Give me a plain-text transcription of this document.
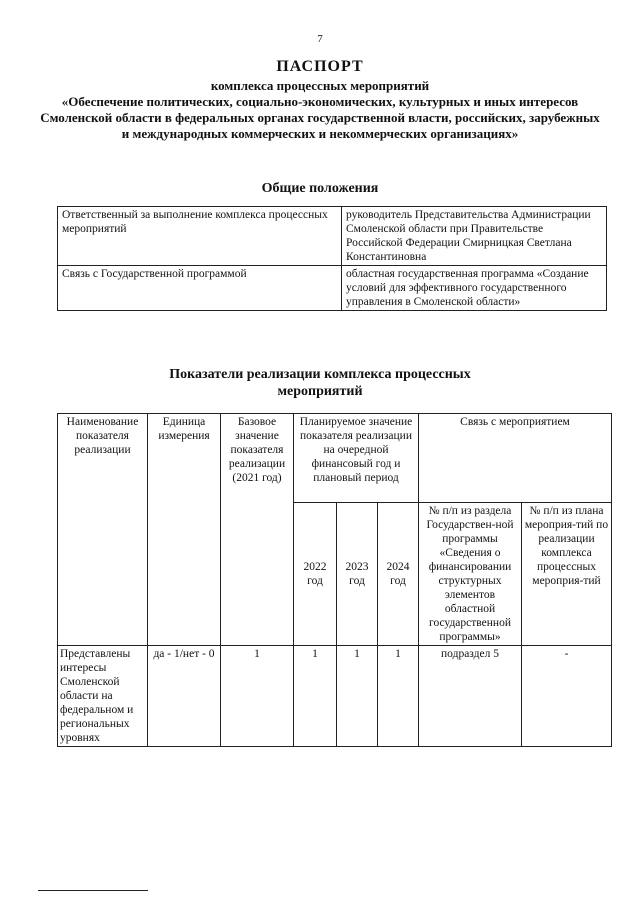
7
ПАСПОРТ
комплекса процессных мероприятий
«Обеспечение политических, социально-экономических, культурных и иных интересов Смоленской области в федеральных органах государственной власти, российских, зарубежных и международных коммерческих и некоммерческих организациях»
Общие положения
Ответственный за выполнение комплекса процессных мероприятий	руководитель Представительства Администрации Смоленской области при Правительстве Российской Федерации Смирницкая Светлана Константиновна
Связь с Государственной программой	областная государственная программа «Создание условий для эффективного государственного управления в Смоленской области»
Показатели реализации комплекса процессных мероприятий
Наименование показателя реализации	Единица измерения	Базовое значение показателя реализации (2021 год)	Планируемое значение показателя реализации на очередной финансовый год и плановый период			Связь с мероприятием	
			2022 год	2023 год	2024 год	№ п/п из раздела Государствен-ной программы «Сведения о финансировании структурных элементов областной государственной программы»	№ п/п из плана мероприя-тий по реализации комплекса процессных мероприя-тий
Представлены интересы Смоленской области на федеральном и региональных уровнях	да - 1/нет - 0	1	1	1	1	подраздел 5	-
